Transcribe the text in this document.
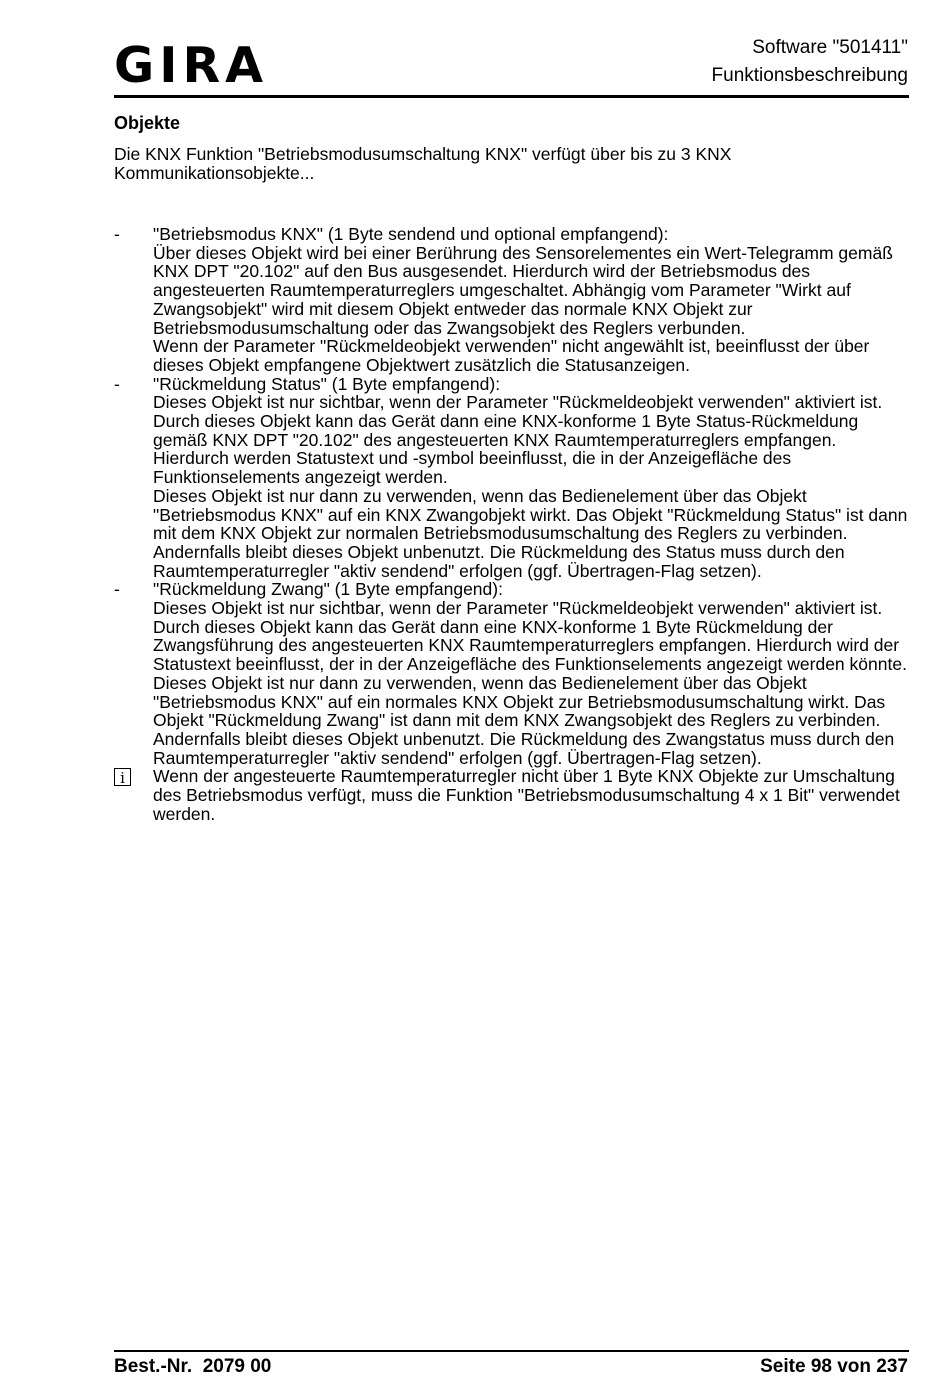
GIRA	Software "501411"
Funktionsbeschreibung
Objekte
Die KNX Funktion "Betriebsmodusumschaltung KNX" verfügt über bis zu 3 KNX Kommunikationsobjekte...
-	"Betriebsmodus KNX" (1 Byte sendend und optional empfangend):
Über dieses Objekt wird bei einer Berührung des Sensorelementes ein Wert-Telegramm gemäß KNX DPT "20.102" auf den Bus ausgesendet. Hierdurch wird der Betriebsmodus des angesteuerten Raumtemperaturreglers umgeschaltet. Abhängig vom Parameter "Wirkt auf Zwangsobjekt" wird mit diesem Objekt entweder das normale KNX Objekt zur Betriebsmodusumschaltung oder das Zwangsobjekt des Reglers verbunden.
Wenn der Parameter "Rückmeldeobjekt verwenden" nicht angewählt ist, beeinflusst der über dieses Objekt empfangene Objektwert zusätzlich die Statusanzeigen.
-	"Rückmeldung Status" (1 Byte empfangend):
Dieses Objekt ist nur sichtbar, wenn der Parameter "Rückmeldeobjekt verwenden" aktiviert ist. Durch dieses Objekt kann das Gerät dann eine KNX-konforme 1 Byte Status-Rückmeldung gemäß KNX DPT "20.102" des angesteuerten KNX Raumtemperaturreglers empfangen. Hierdurch werden Statustext und -symbol beeinflusst, die in der Anzeigefläche des Funktionselements angezeigt werden.
Dieses Objekt ist nur dann zu verwenden, wenn das Bedienelement über das Objekt "Betriebsmodus KNX" auf ein KNX Zwangobjekt wirkt. Das Objekt "Rückmeldung Status" ist dann mit dem KNX Objekt zur normalen Betriebsmodusumschaltung des Reglers zu verbinden. Andernfalls bleibt dieses Objekt unbenutzt. Die Rückmeldung des Status muss durch den Raumtemperaturregler "aktiv sendend" erfolgen (ggf. Übertragen-Flag setzen).
-	"Rückmeldung Zwang" (1 Byte empfangend):
Dieses Objekt ist nur sichtbar, wenn der Parameter "Rückmeldeobjekt verwenden" aktiviert ist. Durch dieses Objekt kann das Gerät dann eine KNX-konforme 1 Byte Rückmeldung der Zwangsführung des angesteuerten KNX Raumtemperaturreglers empfangen. Hierdurch wird der Statustext beeinflusst, der in der Anzeigefläche des Funktionselements angezeigt werden könnte.
Dieses Objekt ist nur dann zu verwenden, wenn das Bedienelement über das Objekt "Betriebsmodus KNX" auf ein normales KNX Objekt zur Betriebsmodusumschaltung wirkt. Das Objekt "Rückmeldung Zwang" ist dann mit dem KNX Zwangsobjekt des Reglers zu verbinden. Andernfalls bleibt dieses Objekt unbenutzt. Die Rückmeldung des Zwangstatus muss durch den Raumtemperaturregler "aktiv sendend" erfolgen (ggf. Übertragen-Flag setzen).
i	Wenn der angesteuerte Raumtemperaturregler nicht über 1 Byte KNX Objekte zur Umschaltung des Betriebsmodus verfügt, muss die Funktion "Betriebsmodusumschaltung 4 x 1 Bit" verwendet werden.
Best.-Nr.  2079 00	Seite 98 von 237
